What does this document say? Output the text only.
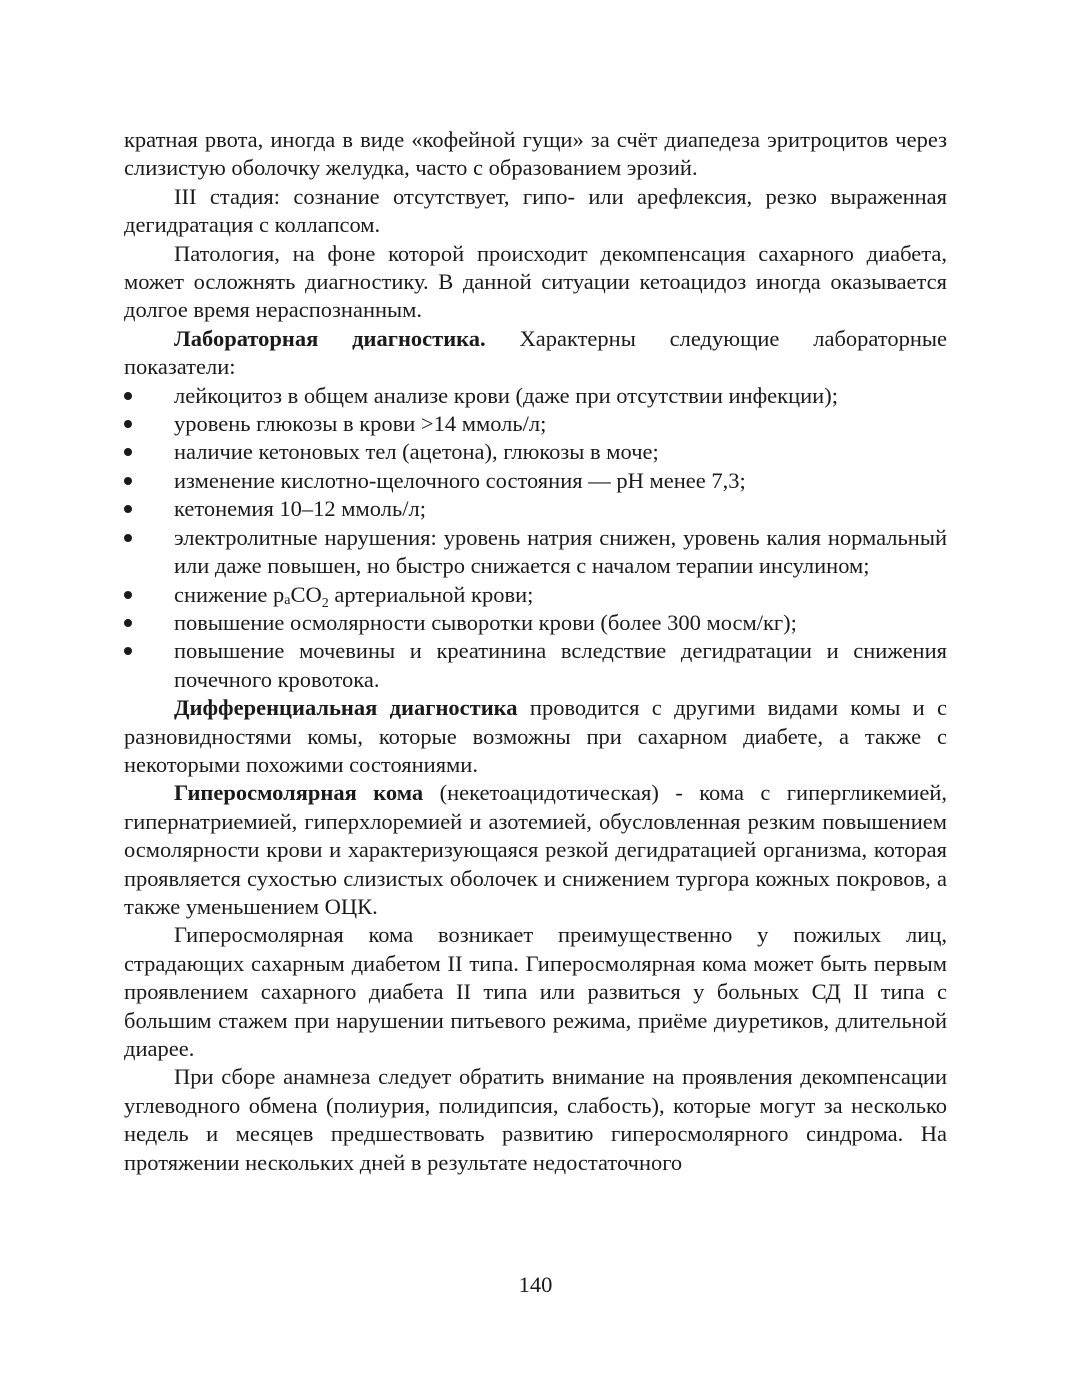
кратная рвота, иногда в виде «кофейной гущи» за счёт диапедеза эритроцитов через слизистую оболочку желудка, часто с образованием эрозий.

III стадия: сознание отсутствует, гипо- или арефлексия, резко выраженная дегидратация с коллапсом.

Патология, на фоне которой происходит декомпенсация сахарного диабета, может осложнять диагностику. В данной ситуации кетоацидоз иногда оказывается долгое время нераспознанным.

Лабораторная диагностика. Характерны следующие лабораторные показатели:

лейкоцитоз в общем анализе крови (даже при отсутствии инфекции);
уровень глюкозы в крови >14 ммоль/л;
наличие кетоновых тел (ацетона), глюкозы в моче;
изменение кислотно-щелочного состояния — pH менее 7,3;
кетонемия 10–12 ммоль/л;
электролитные нарушения: уровень натрия снижен, уровень калия нормальный или даже повышен, но быстро снижается с началом терапии инсулином;
снижение paCO$_2$ артериальной крови;
повышение осмолярности сыворотки крови (более 300 мосм/кг);
повышение мочевины и креатинина вследствие дегидратации и снижения почечного кровотока.

Дифференциальная диагностика проводится с другими видами комы и с разновидностями комы, которые возможны при сахарном диабете, а также с некоторыми похожими состояниями.

Гиперосмолярная кома (некетоацидотическая) - кома с гипергликемией, гипернатриемией, гиперхлоремией и азотемией, обусловленная резким повышением осмолярности крови и характеризующаяся резкой дегидратацией организма, которая проявляется сухостью слизистых оболочек и снижением тургора кожных покровов, а также уменьшением ОЦК.

Гиперосмолярная кома возникает преимущественно у пожилых лиц, страдающих сахарным диабетом II типа. Гиперосмолярная кома может быть первым проявлением сахарного диабета II типа или развиться у больных СД II типа с большим стажем при нарушении питьевого режима, приёме диуретиков, длительной диарее.

При сборе анамнеза следует обратить внимание на проявления декомпенсации углеводного обмена (полиурия, полидипсия, слабость), которые могут за несколько недель и месяцев предшествовать развитию гиперосмолярного синдрома. На протяжении нескольких дней в результате недостаточного

140
